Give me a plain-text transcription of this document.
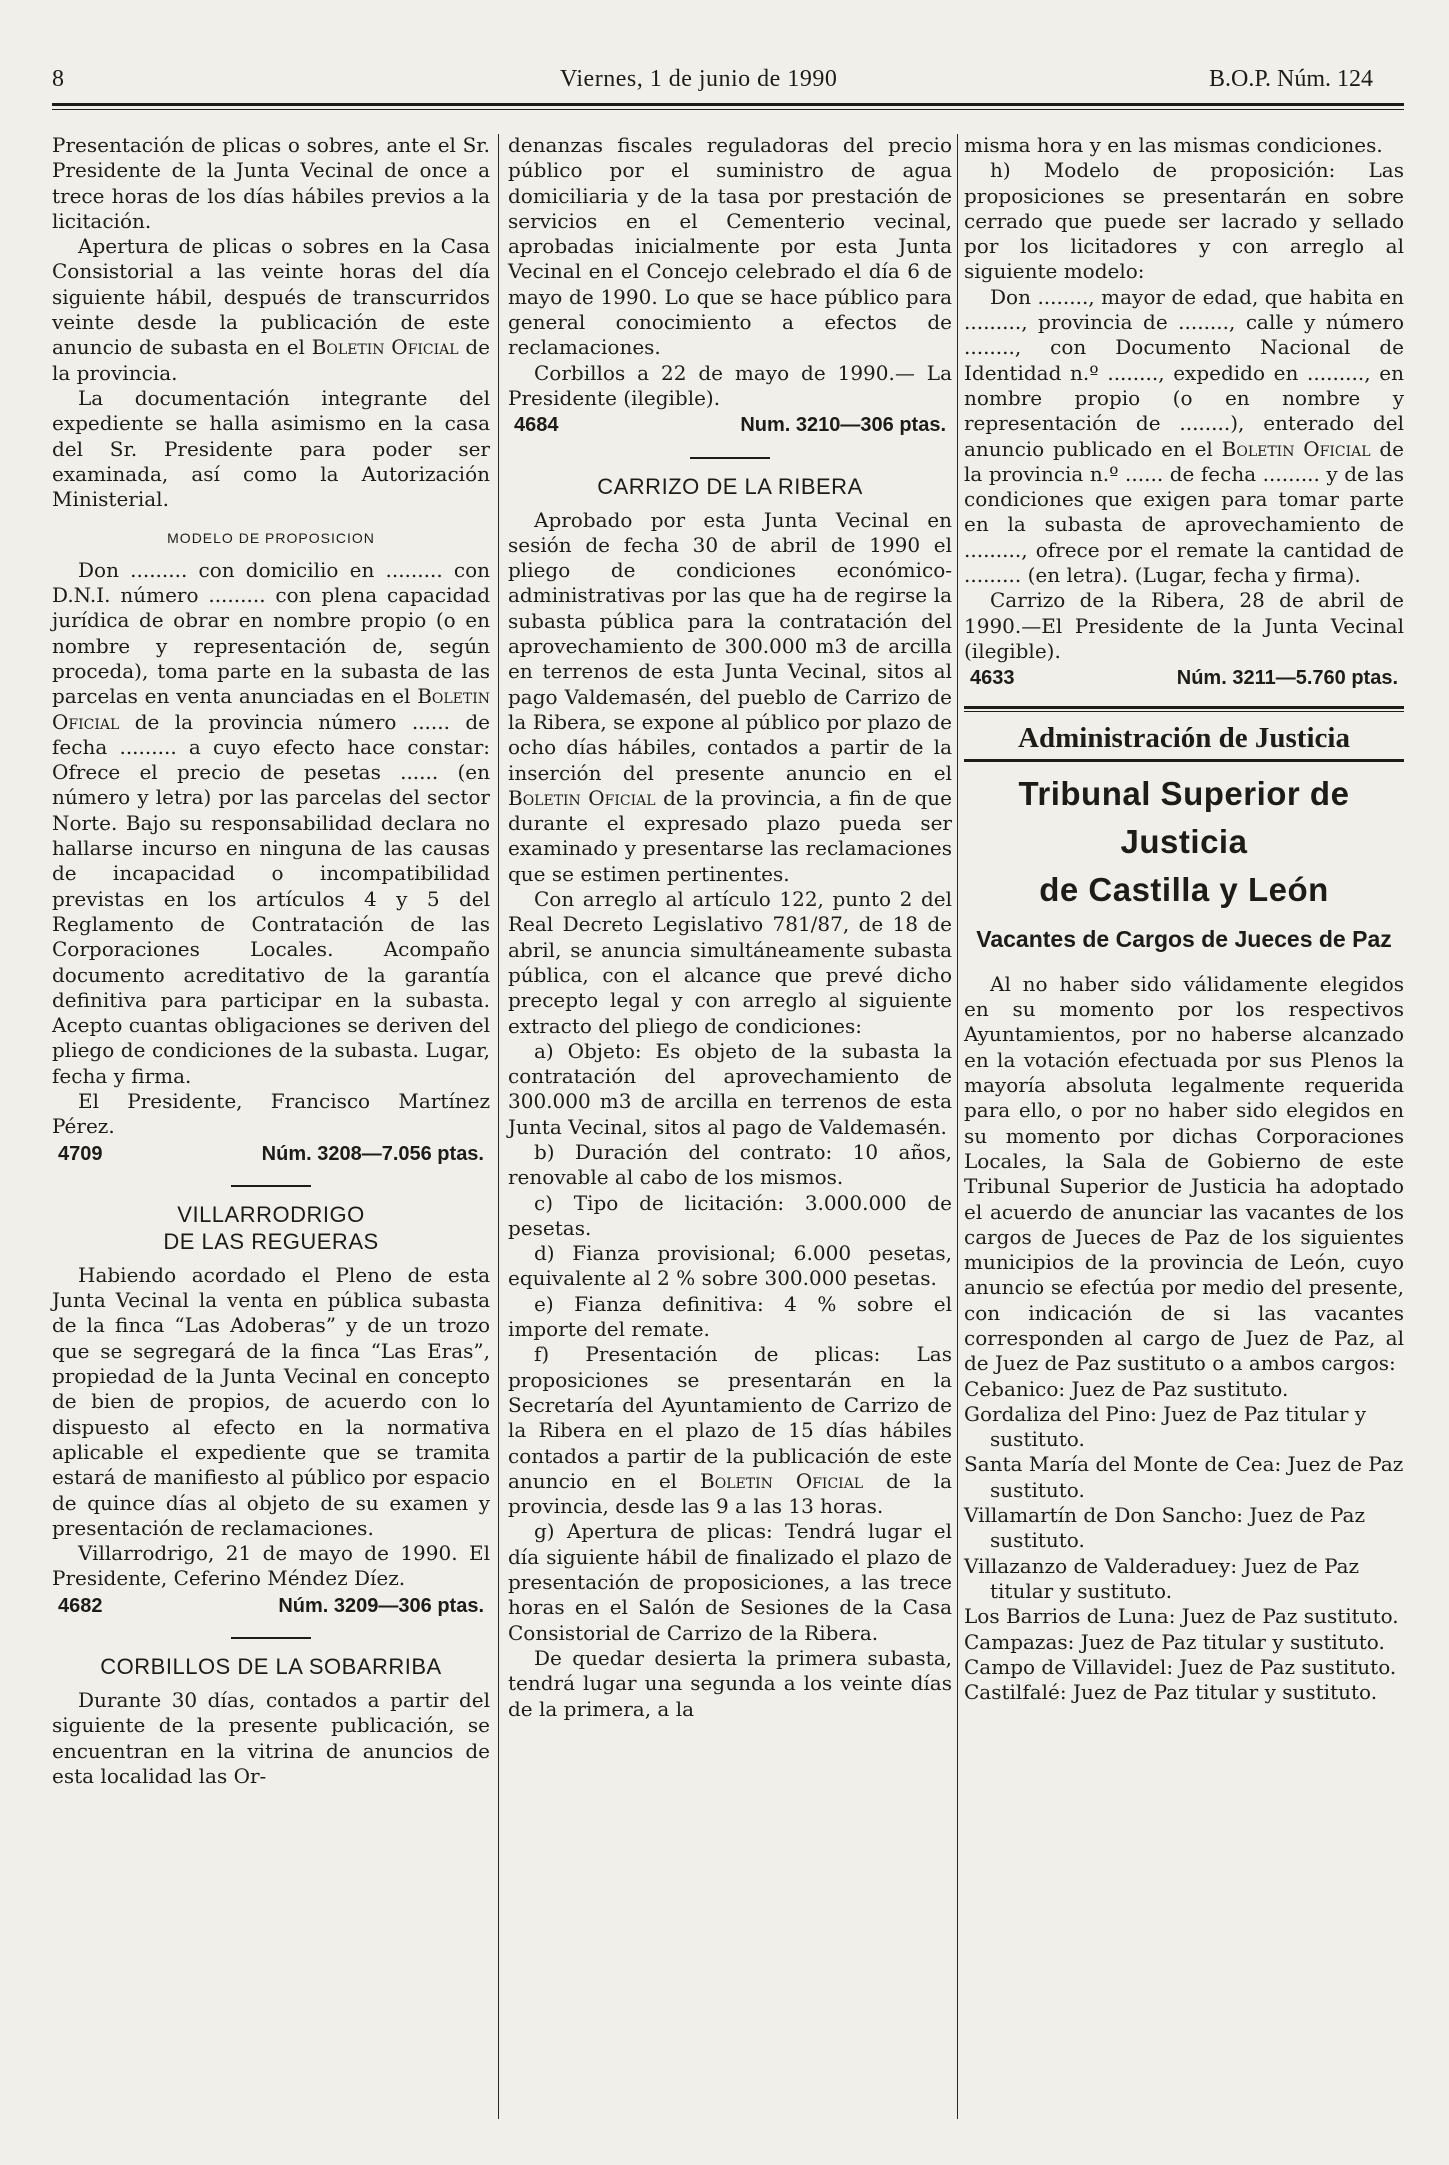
8	Viernes, 1 de junio de 1990	B.O.P. Núm. 124

Presentación de plicas o sobres, ante el Sr. Presidente de la Junta Vecinal de once a trece horas de los días hábiles previos a la licitación.

Apertura de plicas o sobres en la Casa Consistorial a las veinte horas del día siguiente hábil, después de transcurridos veinte desde la publicación de este anuncio de subasta en el Boletin Oficial de la provincia.

La documentación integrante del expediente se halla asimismo en la casa del Sr. Presidente para poder ser examinada, así como la Autorización Ministerial.

MODELO DE PROPOSICION

Don ......... con domicilio en ......... con D.N.I. número ......... con plena capacidad jurídica de obrar en nombre propio (o en nombre y representación de, según proceda), toma parte en la subasta de las parcelas en venta anunciadas en el Boletin Oficial de la provincia número ...... de fecha ......... a cuyo efecto hace constar: Ofrece el precio de pesetas ...... (en número y letra) por las parcelas del sector Norte. Bajo su responsabilidad declara no hallarse incurso en ninguna de las causas de incapacidad o incompatibilidad previstas en los artículos 4 y 5 del Reglamento de Contratación de las Corporaciones Locales. Acompaño documento acreditativo de la garantía definitiva para participar en la subasta. Acepto cuantas obligaciones se deriven del pliego de condiciones de la subasta. Lugar, fecha y firma.

El Presidente, Francisco Martínez Pérez.

4709	Núm. 3208—7.056 ptas.
VILLARRODRIGO
DE LAS REGUERAS

Habiendo acordado el Pleno de esta Junta Vecinal la venta en pública subasta de la finca “Las Adoberas” y de un trozo que se segregará de la finca “Las Eras”, propiedad de la Junta Vecinal en concepto de bien de propios, de acuerdo con lo dispuesto al efecto en la normativa aplicable el expediente que se tramita estará de manifiesto al público por espacio de quince días al objeto de su examen y presentación de reclamaciones.

Villarrodrigo, 21 de mayo de 1990. El Presidente, Ceferino Méndez Díez.

4682	Núm. 3209—306 ptas.
CORBILLOS DE LA SOBARRIBA

Durante 30 días, contados a partir del siguiente de la presente publicación, se encuentran en la vitrina de anuncios de esta localidad las Or-

denanzas fiscales reguladoras del precio público por el suministro de agua domiciliaria y de la tasa por prestación de servicios en el Cementerio vecinal, aprobadas inicialmente por esta Junta Vecinal en el Concejo celebrado el día 6 de mayo de 1990. Lo que se hace público para general conocimiento a efectos de reclamaciones.

Corbillos a 22 de mayo de 1990.— La Presidente (ilegible).

4684	Num. 3210—306 ptas.
CARRIZO DE LA RIBERA

Aprobado por esta Junta Vecinal en sesión de fecha 30 de abril de 1990 el pliego de condiciones económico-administrativas por las que ha de regirse la subasta pública para la contratación del aprovechamiento de 300.000 m3 de arcilla en terrenos de esta Junta Vecinal, sitos al pago Valdemasén, del pueblo de Carrizo de la Ribera, se expone al público por plazo de ocho días hábiles, contados a partir de la inserción del presente anuncio en el Boletin Oficial de la provincia, a fin de que durante el expresado plazo pueda ser examinado y presentarse las reclamaciones que se estimen pertinentes.

Con arreglo al artículo 122, punto 2 del Real Decreto Legislativo 781/87, de 18 de abril, se anuncia simultáneamente subasta pública, con el alcance que prevé dicho precepto legal y con arreglo al siguiente extracto del pliego de condiciones:

a) Objeto: Es objeto de la subasta la contratación del aprovechamiento de 300.000 m3 de arcilla en terrenos de esta Junta Vecinal, sitos al pago de Valdemasén.

b) Duración del contrato: 10 años, renovable al cabo de los mismos.

c) Tipo de licitación: 3.000.000 de pesetas.

d) Fianza provisional; 6.000 pesetas, equivalente al 2 % sobre 300.000 pesetas.

e) Fianza definitiva: 4 % sobre el importe del remate.

f) Presentación de plicas: Las proposiciones se presentarán en la Secretaría del Ayuntamiento de Carrizo de la Ribera en el plazo de 15 días hábiles contados a partir de la publicación de este anuncio en el Boletin Oficial de la provincia, desde las 9 a las 13 horas.

g) Apertura de plicas: Tendrá lugar el día siguiente hábil de finalizado el plazo de presentación de proposiciones, a las trece horas en el Salón de Sesiones de la Casa Consistorial de Carrizo de la Ribera.

De quedar desierta la primera subasta, tendrá lugar una segunda a los veinte días de la primera, a la

misma hora y en las mismas condiciones.

h) Modelo de proposición: Las proposiciones se presentarán en sobre cerrado que puede ser lacrado y sellado por los licitadores y con arreglo al siguiente modelo:

Don ........, mayor de edad, que habita en ........., provincia de ........, calle y número ........, con Documento Nacional de Identidad n.º ........, expedido en ........., en nombre propio (o en nombre y representación de ........), enterado del anuncio publicado en el Boletin Oficial de la provincia n.º ...... de fecha ......... y de las condiciones que exigen para tomar parte en la subasta de aprovechamiento de ........., ofrece por el remate la cantidad de ......... (en letra). (Lugar, fecha y firma).

Carrizo de la Ribera, 28 de abril de 1990.—El Presidente de la Junta Vecinal (ilegible).

4633	Núm. 3211—5.760 ptas.
Administración de Justicia
Tribunal Superior de Justicia
de Castilla y León
Vacantes de Cargos de Jueces de Paz

Al no haber sido válidamente elegidos en su momento por los respectivos Ayuntamientos, por no haberse alcanzado en la votación efectuada por sus Plenos la mayoría absoluta legalmente requerida para ello, o por no haber sido elegidos en su momento por dichas Corporaciones Locales, la Sala de Gobierno de este Tribunal Superior de Justicia ha adoptado el acuerdo de anunciar las vacantes de los cargos de Jueces de Paz de los siguientes municipios de la provincia de León, cuyo anuncio se efectúa por medio del presente, con indicación de si las vacantes corresponden al cargo de Juez de Paz, al de Juez de Paz sustituto o a ambos cargos:

Cebanico: Juez de Paz sustituto.

Gordaliza del Pino: Juez de Paz titular y sustituto.

Santa María del Monte de Cea: Juez de Paz sustituto.

Villamartín de Don Sancho: Juez de Paz sustituto.

Villazanzo de Valderaduey: Juez de Paz titular y sustituto.

Los Barrios de Luna: Juez de Paz sustituto.

Campazas: Juez de Paz titular y sustituto.

Campo de Villavidel: Juez de Paz sustituto.

Castilfalé: Juez de Paz titular y sustituto.
